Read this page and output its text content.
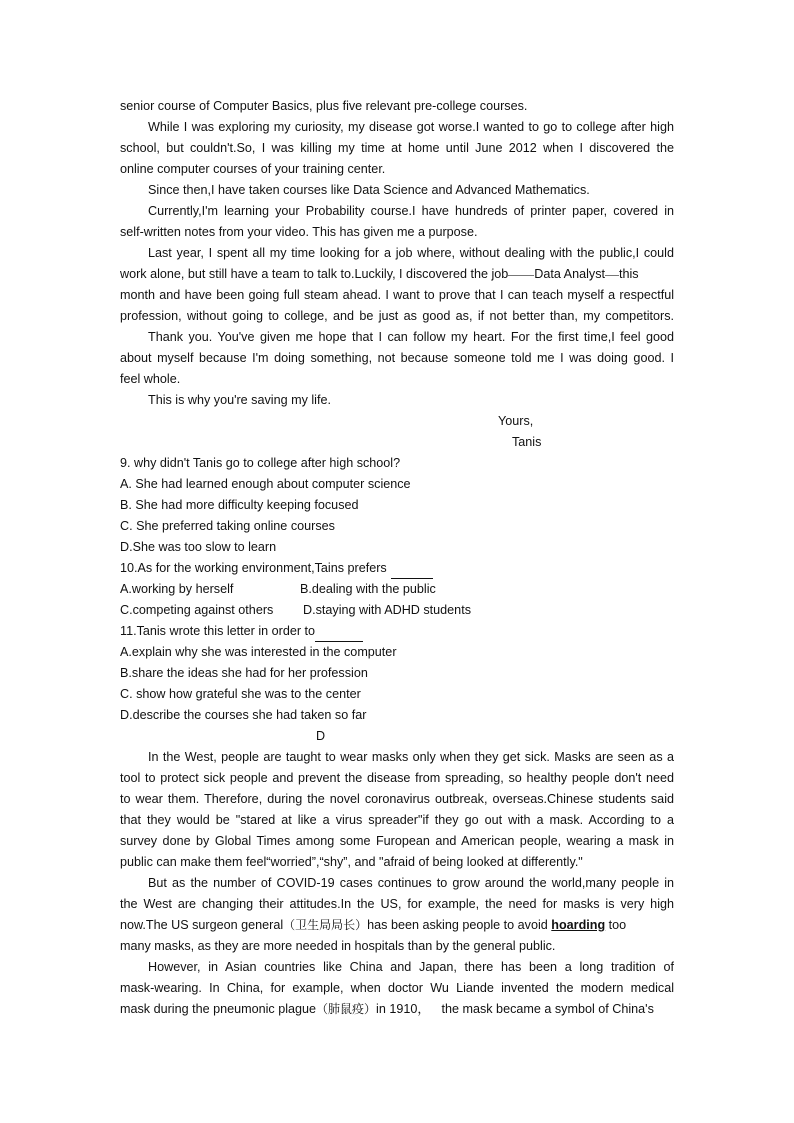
senior course of Computer Basics, plus five relevant pre-college courses.
While I was exploring my curiosity, my disease got worse.I wanted to go to college after high
school, but couldn't.So, I was killing my time at home until June 2012 when I discovered the
online computer courses of your training center.
Since then,I have taken courses like Data Science and Advanced Mathematics.
Currently,I'm learning your Probability course.I have hundreds of printer paper, covered in
self-written notes from your video. This has given me a purpose.
Last year, I spent all my time looking for a job where, without dealing with the public,I could
work alone, but still have a team to talk to.Luckily, I discovered the job Data Analyst this
month and have been going full steam ahead. I want to prove that I can teach myself a respectful
profession, without going to college, and be just as good as, if not better than, my competitors.
Thank you. You've given me hope that I can follow my heart. For the first time,I feel good
about myself because I'm doing something, not because someone told me I was doing good. I
feel whole.
This is why you're saving my life.
Yours,
Tanis
9. why didn't Tanis go to college after high school?
A. She had learned enough about computer science
B. She had more difficulty keeping focused
C. She preferred taking online courses
D.She was too slow to learn
10.As for the working environment,Tains prefers
A.working by herself	B.dealing with the public
C.competing against others D.staying with ADHD students
11.Tanis wrote this letter in order to
A.explain why she was interested in the computer
B.share the ideas she had for her profession
C. show how grateful she was to the center
D.describe the courses she had taken so far
D
In the West, people are taught to wear masks only when they get sick. Masks are seen as a
tool to protect sick people and prevent the disease from spreading, so healthy people don't need
to wear them. Therefore, during the novel coronavirus outbreak, overseas.Chinese students said
that they would be "stared at like a virus spreader"if they go out with a mask. According to a
survey done by Global Times among some Furopean and American people, wearing a mask in
public can make them feel“worried”,“shy”, and "afraid of being looked at differently."
But as the number of COVID-19 cases continues to grow around the world,many people in
the West are changing their attitudes.In the US, for example, the need for masks is very high
now.The US surgeon general（卫生局局长）has been asking people to avoid hoarding too
many masks, as they are more needed in hospitals than by the general public.
However, in Asian countries like China and Japan, there has been a long tradition of
mask-wearing. In China, for example, when doctor Wu Liande invented the modern medical
mask during the pneumonic plague（肺鼠疫）in 1910， the mask became a symbol of China's
